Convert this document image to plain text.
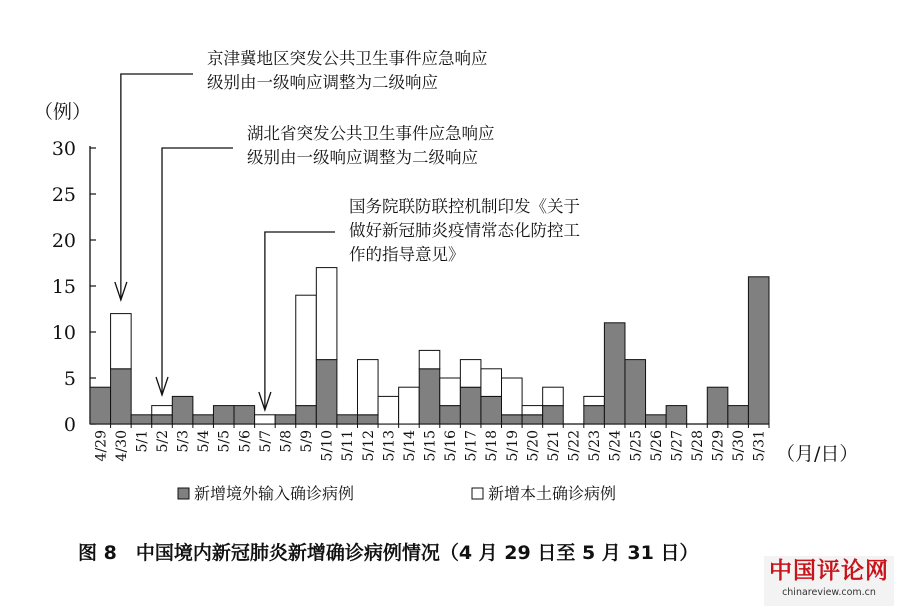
0
5
10
15
20
25
30
（例）
4/29 4/30 5/1 5/2 5/3 5/4 5/5 5/6 5/7 5/8 5/9 5/10 5/11 5/12 5/13 5/14 5/15 5/16 5/17 5/18 5/19 5/20 5/21 5/22 5/23 5/24 5/25 5/26 5/27 5/28 5/29 5/30 5/31 （月/日）
京津冀地区突发公共卫生事件应急响应
级别由一级响应调整为二级响应
湖北省突发公共卫生事件应急响应
级别由一级响应调整为二级响应
国务院联防联控机制印发《关于
做好新冠肺炎疫情常态化防控工
作的指导意见》
新增境外输入确诊病例	新增本土确诊病例
图 8　中国境内新冠肺炎新增确诊病例情况（4 月 29 日至 5 月 31 日）
中国评论网
chinareview.com.cn
